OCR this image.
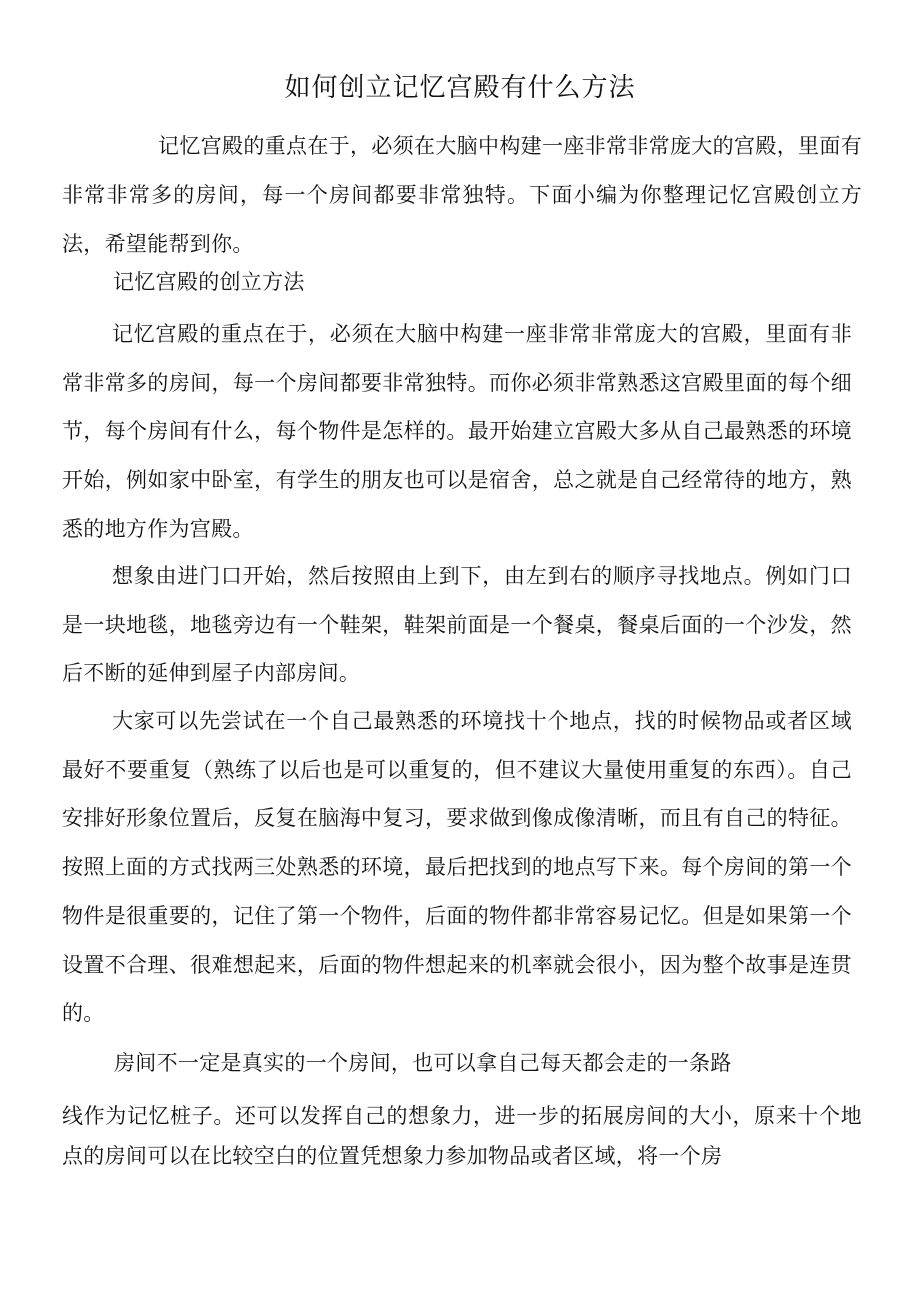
如何创立记忆宫殿有什么方法

记忆宫殿的重点在于，必须在大脑中构建一座非常非常庞大的宫殿，里面有非常非常多的房间，每一个房间都要非常独特。下面小编为你整理记忆宫殿创立方法，希望能帮到你。

记忆宫殿的创立方法

记忆宫殿的重点在于，必须在大脑中构建一座非常非常庞大的宫殿，里面有非常非常多的房间，每一个房间都要非常独特。而你必须非常熟悉这宫殿里面的每个细节，每个房间有什么，每个物件是怎样的。最开始建立宫殿大多从自己最熟悉的环境开始，例如家中卧室，有学生的朋友也可以是宿舍，总之就是自己经常待的地方，熟悉的地方作为宫殿。

想象由进门口开始，然后按照由上到下，由左到右的顺序寻找地点。例如门口是一块地毯，地毯旁边有一个鞋架，鞋架前面是一个餐桌，餐桌后面的一个沙发，然后不断的延伸到屋子内部房间。

大家可以先尝试在一个自己最熟悉的环境找十个地点，找的时候物品或者区域最好不要重复（熟练了以后也是可以重复的，但不建议大量使用重复的东西）。自己安排好形象位置后，反复在脑海中复习，要求做到像成像清晰，而且有自己的特征。按照上面的方式找两三处熟悉的环境，最后把找到的地点写下来。每个房间的第一个物件是很重要的，记住了第一个物件，后面的物件都非常容易记忆。但是如果第一个设置不合理、很难想起来，后面的物件想起来的机率就会很小，因为整个故事是连贯的。

房间不一定是真实的一个房间，也可以拿自己每天都会走的一条路

线作为记忆桩子。还可以发挥自己的想象力，进一步的拓展房间的大小，原来十个地点的房间可以在比较空白的位置凭想象力参加物品或者区域，将一个房
